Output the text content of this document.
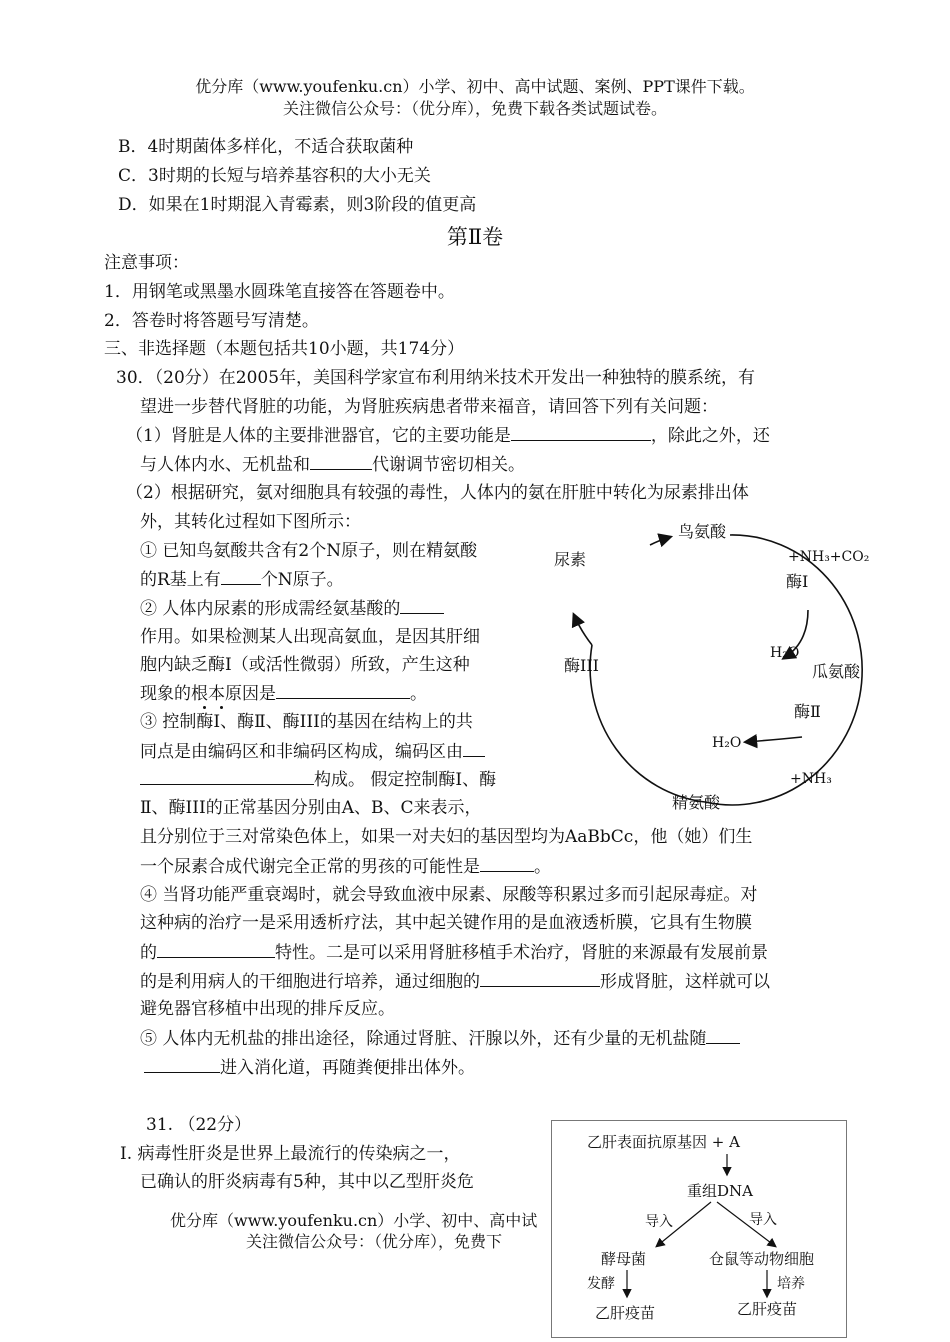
优分库（www.youfenku.cn）小学、初中、高中试题、案例、PPT课件下载。
关注微信公众号：（优分库），免费下载各类试题试卷。
B．4时期菌体多样化，不适合获取菌种
C．3时期的长短与培养基容积的大小无关
D．如果在1时期混入青霉素，则3阶段的值更高
第Ⅱ卷
注意事项：
1．用钢笔或黑墨水圆珠笔直接答在答题卷中。
2．答卷时将答题号写清楚。
三、非选择题（本题包括共10小题，共174分）
30．（20分）在2005年，美国科学家宣布利用纳米技术开发出一种独特的膜系统，有
望进一步替代肾脏的功能，为肾脏疾病患者带来福音，请回答下列有关问题：
（1）肾脏是人体的主要排泄器官，它的主要功能是	，除此之外，还
与人体内水、无机盐和	代谢调节密切相关。
（2）根据研究，氨对细胞具有较强的毒性，人体内的氨在肝脏中转化为尿素排出体
外，其转化过程如下图所示：
① 已知鸟氨酸共含有2个N原子，则在精氨酸
的R基上有 个N原子。
② 人体内尿素的形成需经氨基酸的
作用。如果检测某人出现高氨血，是因其肝细
胞内缺乏酶Ⅰ（或活性微弱）所致，产生这种
现象的根本原因是	。
③ 控制酶Ⅰ、酶Ⅱ、酶III的基因在结构上的共
同点是由编码区和非编码区构成，编码区由
构成。 假定控制酶Ⅰ、酶
Ⅱ、酶III的正常基因分别由A、B、C来表示，
且分别位于三对常染色体上，如果一对夫妇的基因型均为AaBbCc，他（她）们生
一个尿素合成代谢完全正常的男孩的可能性是	。
④ 当肾功能严重衰竭时，就会导致血液中尿素、尿酸等积累过多而引起尿毒症。对
这种病的治疗一是采用透析疗法，其中起关键作用的是血液透析膜，它具有生物膜
的	特性。二是可以采用肾脏移植手术治疗，肾脏的来源最有发展前景
的是利用病人的干细胞进行培养，通过细胞的	形成肾脏，这样就可以
避免器官移植中出现的排斥反应。
⑤ 人体内无机盐的排出途径，除通过肾脏、汗腺以外，还有少量的无机盐随
进入消化道，再随粪便排出体外。
鸟氨酸
+NH₃+CO₂
酶Ⅰ
H₂O
瓜氨酸
酶Ⅱ
H₂O
+NH₃
精氨酸
酶III
尿素
31. （22分）
Ⅰ. 病毒性肝炎是世界上最流行的传染病之一，
已确认的肝炎病毒有5种，其中以乙型肝炎危
优分库（www.youfenku.cn）小学、初中、高中试
关注微信公众号：（优分库），免费下
乙肝表面抗原基因 + A
重组DNA
导入	导入
酵母菌	仓鼠等动物细胞
发酵	培养
乙肝疫苗	乙肝疫苗
